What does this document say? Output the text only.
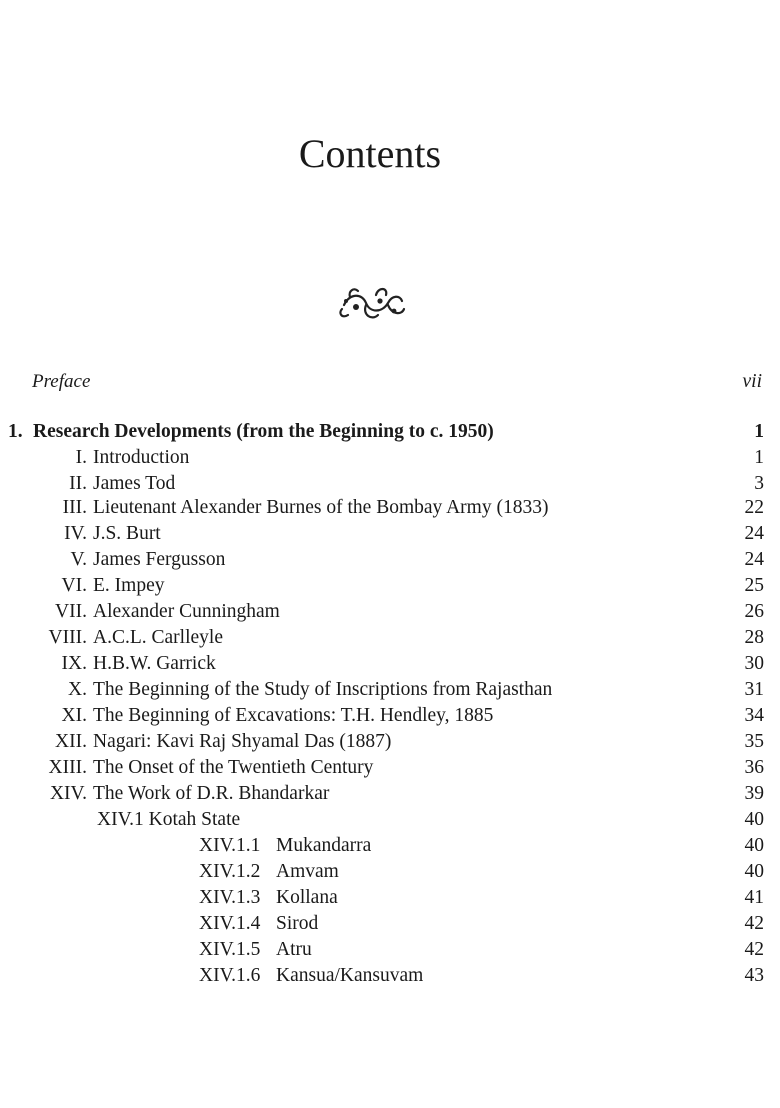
Contents
Preface	vii
1. Research Developments (from the Beginning to c. 1950)	1
I. Introduction	1
II. James Tod	3
III. Lieutenant Alexander Burnes of the Bombay Army (1833)	22
IV. J.S. Burt	24
V. James Fergusson	24
VI. E. Impey	25
VII. Alexander Cunningham	26
VIII. A.C.L. Carlleyle	28
IX. H.B.W. Garrick	30
X. The Beginning of the Study of Inscriptions from Rajasthan	31
XI. The Beginning of Excavations: T.H. Hendley, 1885	34
XII. Nagari: Kavi Raj Shyamal Das (1887)	35
XIII. The Onset of the Twentieth Century	36
XIV. The Work of D.R. Bhandarkar	39
XIV.1 Kotah State	40
XIV.1.1 Mukandarra	40
XIV.1.2 Amvam	40
XIV.1.3 Kollana	41
XIV.1.4 Sirod	42
XIV.1.5 Atru	42
XIV.1.6 Kansua/Kansuvam	43
